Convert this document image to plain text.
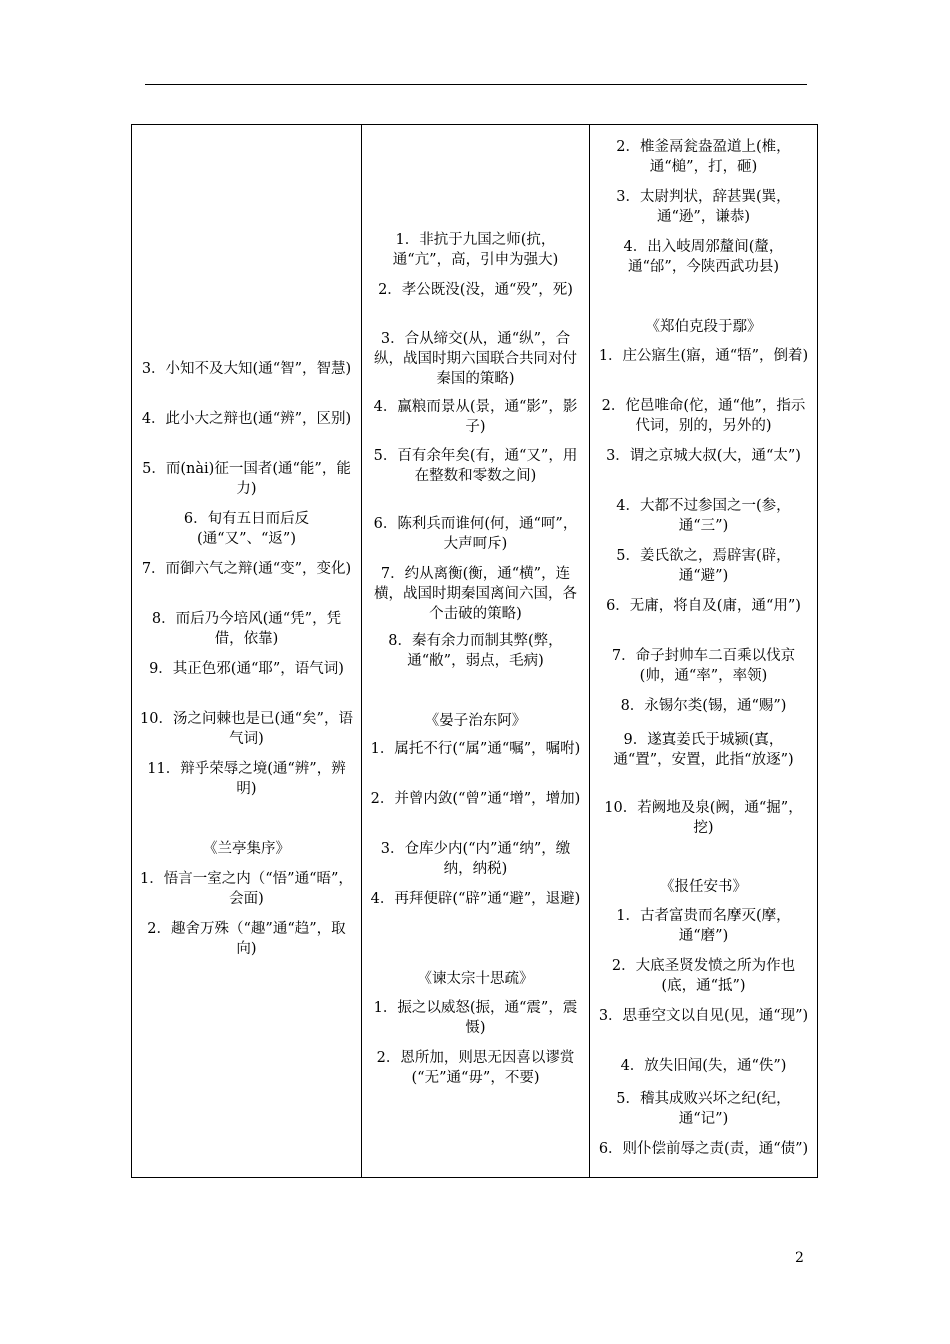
3．小知不及大知(通“智”，智慧)
4．此小大之辩也(通“辨”，区别)
5．而(nài)征一国者(通“能”，能力)
6．旬有五日而后反(通“又”、“返”)
7．而御六气之辩(通“变”，变化)
8．而后乃今培风(通“凭”，凭借，依靠)
9．其正色邪(通“耶”，语气词)
10．汤之问棘也是已(通“矣”，语气词)
11．辩乎荣辱之境(通“辨”，辨明)
《兰亭集序》
1．悟言一室之内（“悟”通“晤”，会面)
2．趣舍万殊（“趣”通“趋”，取向)
1．非抗于九国之师(抗，通“亢”，高，引申为强大)
2．孝公既没(没，通“殁”，死)
3．合从缔交(从，通“纵”，合纵，战国时期六国联合共同对付秦国的策略)
4．赢粮而景从(景，通“影”，影子)
5．百有余年矣(有，通“又”，用在整数和零数之间)
6．陈利兵而谁何(何，通“呵”，大声呵斥)
7．约从离衡(衡，通“横”，连横，战国时期秦国离间六国，各个击破的策略)
8．秦有余力而制其弊(弊，通“敝”，弱点，毛病)
《晏子治东阿》
1．属托不行(“属”通“嘱”，嘱咐)
2．并曾内敛(“曾”通“增”，增加)
3．仓库少内(“内”通“纳”，缴纳，纳税)
4．再拜便辟(“辟”通“避”，退避)
《谏太宗十思疏》
1．振之以威怒(振，通“震”，震慑)
2．恩所加，则思无因喜以谬赏(“无”通“毋”，不要)
2．椎釜鬲瓮盎盈道上(椎，通“槌”，打，砸)
3．太尉判状，辞甚巽(巽，通“逊”，谦恭)
4．出入岐周邠釐间(釐，通“邰”，今陕西武功县)
《郑伯克段于鄢》
1．庄公寤生(寤，通“牾”，倒着)
2．佗邑唯命(佗，通“他”，指示代词，别的，另外的)
3．谓之京城大叔(大，通“太”)
4．大都不过参国之一(参，通“三”)
5．姜氏欲之，焉辟害(辟，通“避”)
6．无庸，将自及(庸，通“用”)
7．命子封帅车二百乘以伐京(帅，通“率”，率领)
8．永锡尔类(锡，通“赐”)
9．遂寘姜氏于城颍(寘，通“置”，安置，此指“放逐”)
10．若阙地及泉(阙，通“掘”，挖)
《报任安书》
1．古者富贵而名摩灭(摩，通“磨”)
2．大底圣贤发愤之所为作也(底，通“抵”)
3．思垂空文以自见(见，通“现”)
4．放失旧闻(失，通“佚”)
5．稽其成败兴坏之纪(纪，通“记”)
6．则仆偿前辱之责(责，通“债”)
2
